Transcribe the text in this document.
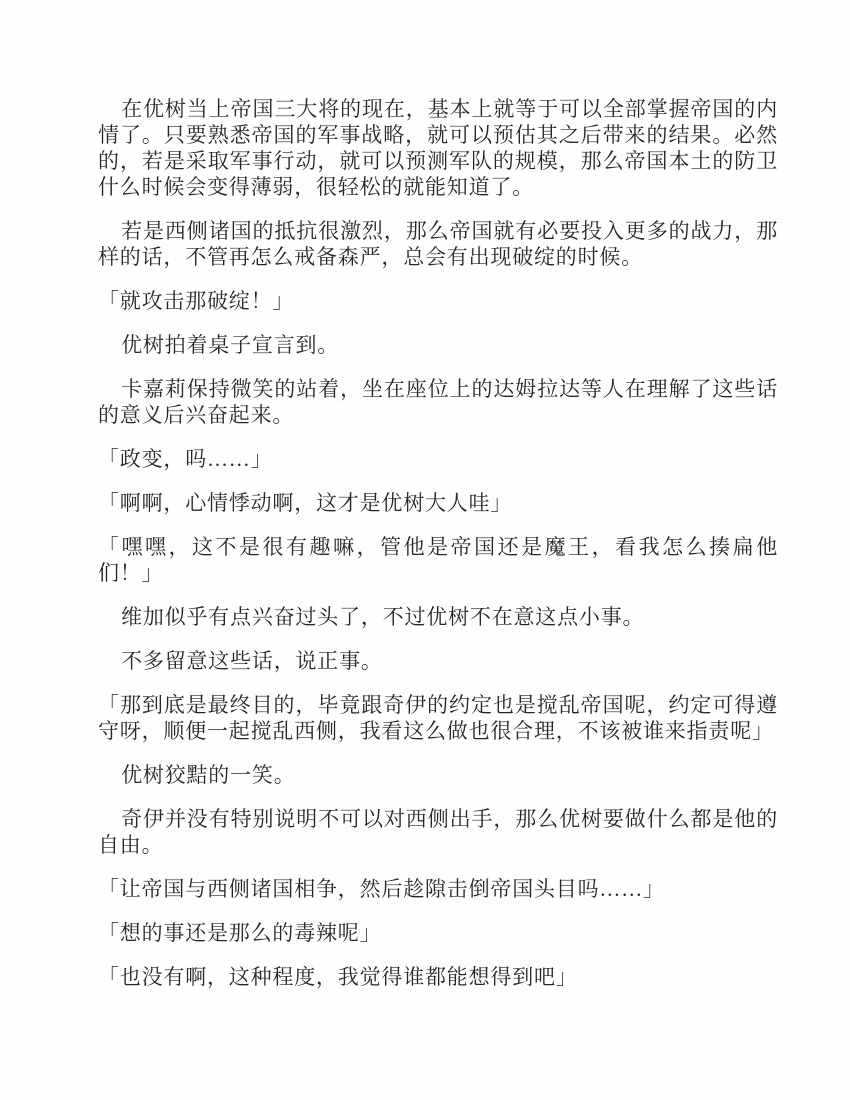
在优树当上帝国三大将的现在，基本上就等于可以全部掌握帝国的内情了。只要熟悉帝国的军事战略，就可以预估其之后带来的结果。必然的，若是采取军事行动，就可以预测军队的规模，那么帝国本土的防卫什么时候会变得薄弱，很轻松的就能知道了。

若是西侧诸国的抵抗很激烈，那么帝国就有必要投入更多的战力，那样的话，不管再怎么戒备森严，总会有出现破绽的时候。

「就攻击那破绽！」

优树拍着桌子宣言到。

卡嘉莉保持微笑的站着，坐在座位上的达姆拉达等人在理解了这些话的意义后兴奋起来。

「政变，吗……」

「啊啊，心情悸动啊，这才是优树大人哇」

「嘿嘿，这不是很有趣嘛，管他是帝国还是魔王，看我怎么揍扁他们！」

维加似乎有点兴奋过头了，不过优树不在意这点小事。

不多留意这些话，说正事。

「那到底是最终目的，毕竟跟奇伊的约定也是搅乱帝国呢，约定可得遵守呀，顺便一起搅乱西侧，我看这么做也很合理，不该被谁来指责呢」

优树狡黠的一笑。

奇伊并没有特别说明不可以对西侧出手，那么优树要做什么都是他的自由。

「让帝国与西侧诸国相争，然后趁隙击倒帝国头目吗……」

「想的事还是那么的毒辣呢」

「也没有啊，这种程度，我觉得谁都能想得到吧」
